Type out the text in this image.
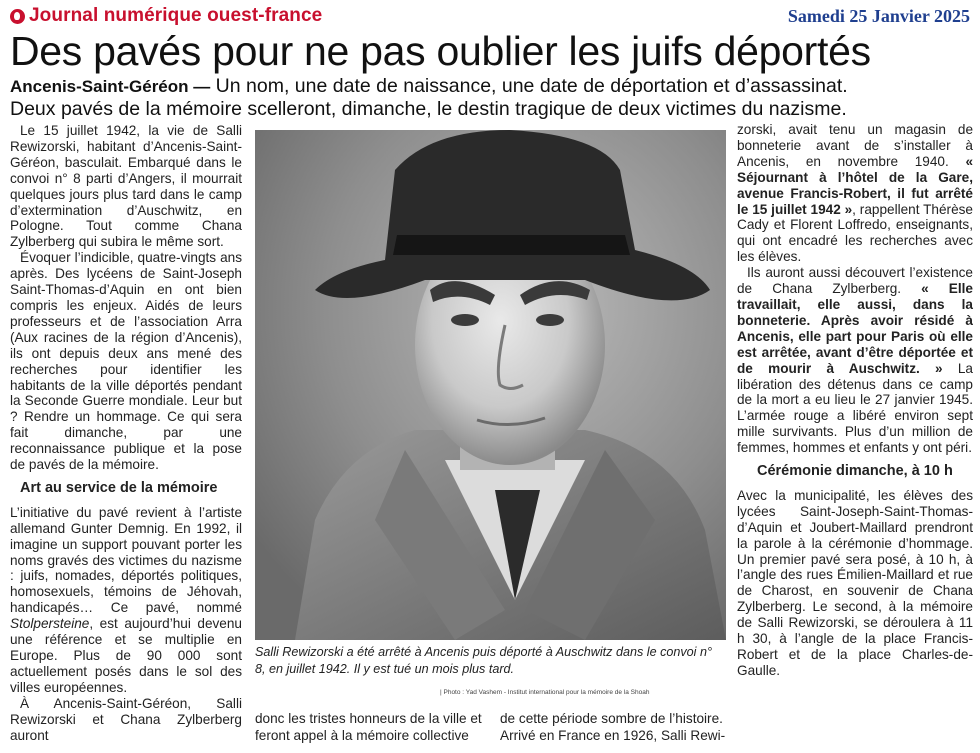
Journal numérique ouest-france	Samedi 25 Janvier 2025
Des pavés pour ne pas oublier les juifs déportés
Ancenis-Saint-Géréon — Un nom, une date de naissance, une date de déportation et d’assassinat.
Deux pavés de la mémoire scelleront, dimanche, le destin tragique de deux victimes du nazisme.

Le 15 juillet 1942, la vie de Salli Rewizorski, habitant d’Ancenis-Saint-Géréon, basculait. Embarqué dans le convoi n° 8 parti d’Angers, il mourrait quelques jours plus tard dans le camp d’extermination d’Auschwitz, en Pologne. Tout comme Chana Zylberberg qui subira le même sort.

Évoquer l’indicible, quatre-vingts ans après. Des lycéens de Saint-Joseph Saint-Thomas-d’Aquin en ont bien compris les enjeux. Aidés de leurs professeurs et de l’association Arra (Aux racines de la région d’Ancenis), ils ont depuis deux ans mené des recherches pour identifier les habitants de la ville déportés pendant la Seconde Guerre mondiale. Leur but ? Rendre un hommage. Ce qui sera fait dimanche, par une reconnaissance publique et la pose de pavés de la mémoire.

Art au service de la mémoire

L’initiative du pavé revient à l’artiste allemand Gunter Demnig. En 1992, il imagine un support pouvant porter les noms gravés des victimes du nazisme : juifs, nomades, déportés politiques, homosexuels, témoins de Jéhovah, handicapés… Ce pavé, nommé Stolpersteine, est aujourd’hui devenu une référence et se multiplie en Europe. Plus de 90 000 sont actuellement posés dans le sol des villes européennes.

À Ancenis-Saint-Géréon, Salli Rewizorski et Chana Zylberberg auront

Salli Rewizorski a été arrêté à Ancenis puis déporté à Auschwitz dans le convoi n° 8, en juillet 1942. Il y est tué un mois plus tard.
| Photo : Yad Vashem - Institut international pour la mémoire de la Shoah
donc les tristes honneurs de la ville et feront appel à la mémoire collective
de cette période sombre de l’histoire. Arrivé en France en 1926, Salli Rewi-

zorski, avait tenu un magasin de bonneterie avant de s’installer à Ancenis, en novembre 1940. « Séjournant à l’hôtel de la Gare, avenue Francis-Robert, il fut arrêté le 15 juillet 1942 », rappellent Thérèse Cady et Florent Loffredo, enseignants, qui ont encadré les recherches avec les élèves.

Ils auront aussi découvert l’existence de Chana Zylberberg. « Elle travaillait, elle aussi, dans la bonneterie. Après avoir résidé à Ancenis, elle part pour Paris où elle est arrêtée, avant d’être déportée et de mourir à Auschwitz. » La libération des détenus dans ce camp de la mort a eu lieu le 27 janvier 1945. L’armée rouge a libéré environ sept mille survivants. Plus d’un million de femmes, hommes et enfants y ont péri.

Cérémonie dimanche, à 10 h

Avec la municipalité, les élèves des lycées Saint-Joseph-Saint-Thomas-d’Aquin et Joubert-Maillard prendront la parole à la cérémonie d’hommage. Un premier pavé sera posé, à 10 h, à l’angle des rues Émilien-Maillard et rue de Charost, en souvenir de Chana Zylberberg. Le second, à la mémoire de Salli Rewizorski, se déroulera à 11 h 30, à l’angle de la place Francis-Robert et de la place Charles-de-Gaulle.
